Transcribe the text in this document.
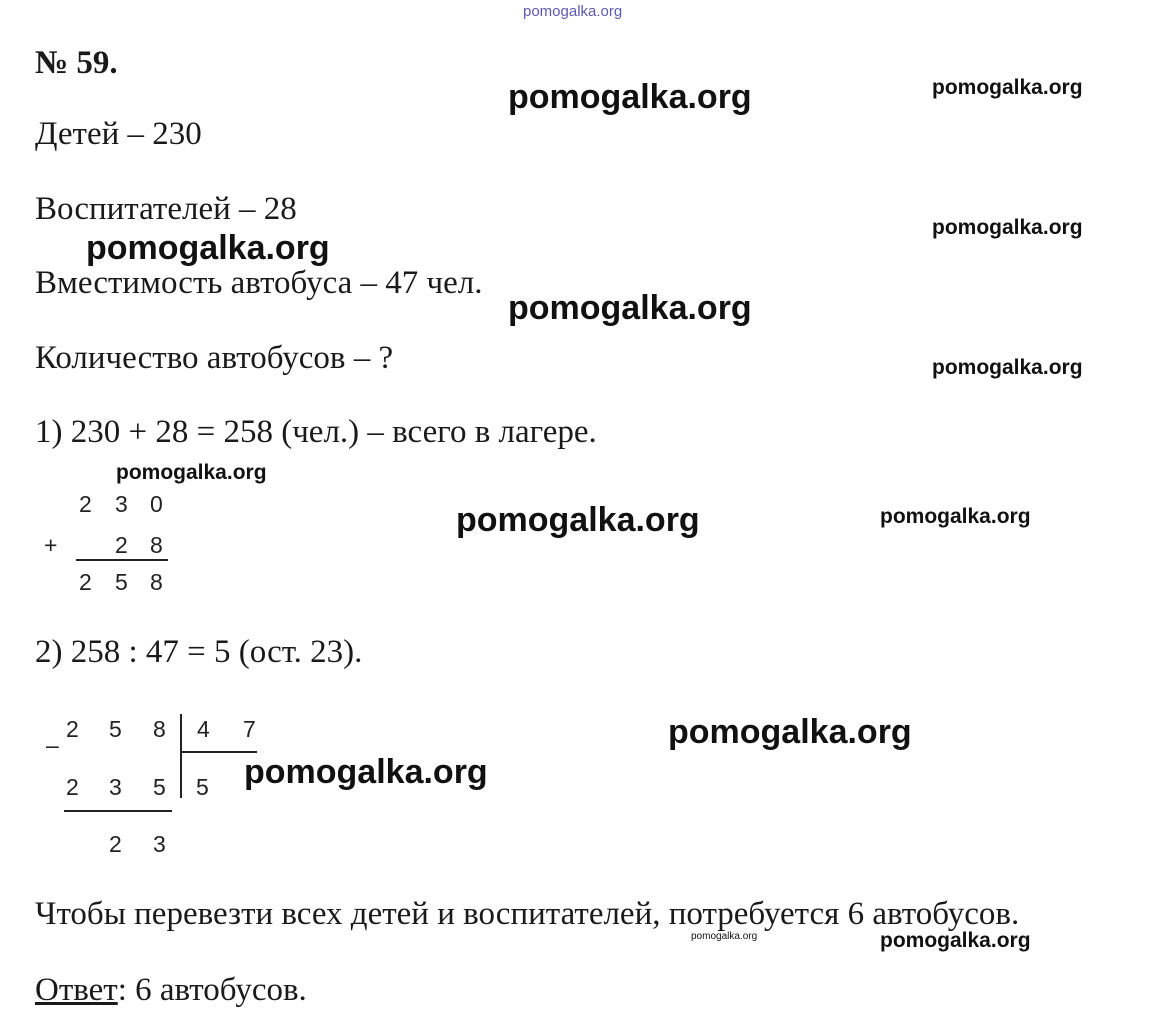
№ 59.
Детей – 230
Воспитателей – 28
Вместимость автобуса – 47 чел.
Количество автобусов – ?
1) 230 + 28 = 258 (чел.) – всего в лагере.
2 3 0
+	2 8
2 5 8
2) 258 : 47 = 5 (ост. 23).
2 5 8 4 7
–
2 3 5 5
2 3
Чтобы перевезти всех детей и воспитателей, потребуется 6 автобусов.
Ответ: 6 автобусов.
pomogalka.org
pomogalka.org	pomogalka.org
pomogalka.org
pomogalka.org
pomogalka.org
pomogalka.org
pomogalka.org
pomogalka.org	pomogalka.org
pomogalka.org
pomogalka.org
pomogalka.org	pomogalka.org
